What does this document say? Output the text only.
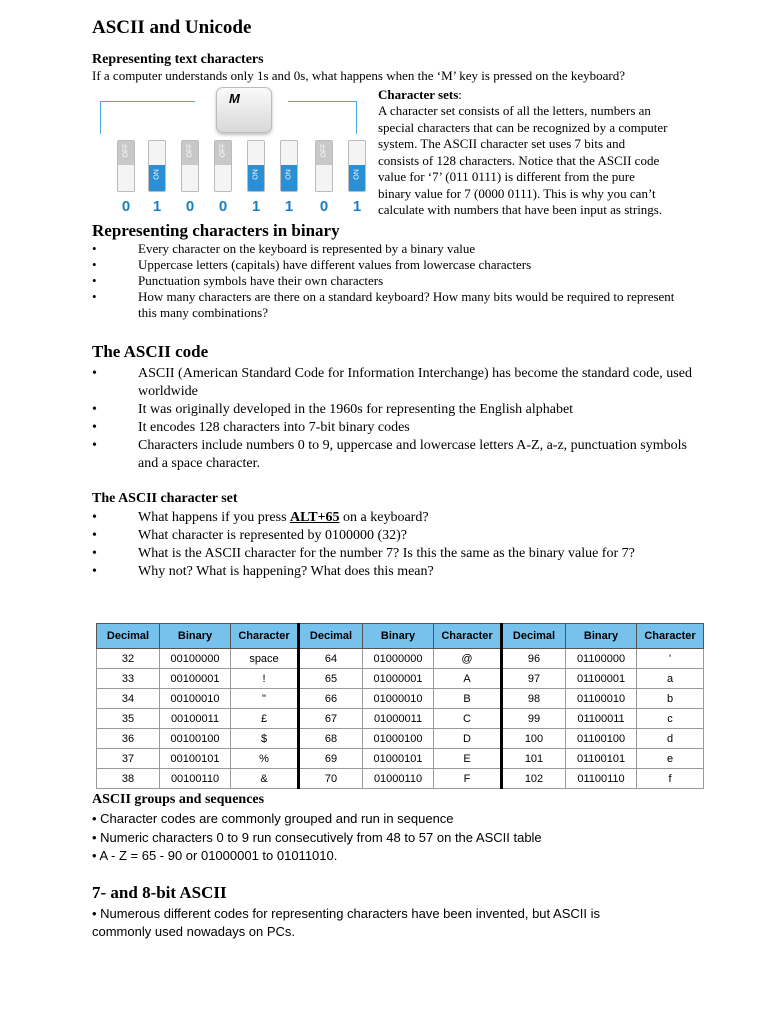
ASCII and Unicode
Representing text characters
If a computer understands only 1s and 0s, what happens when the ‘M’ key is pressed on the keyboard?
M
OFF
0
ON
1
OFF
0
OFF
0
ON
1
ON
1
OFF
0
ON
1
Character sets:
A character set consists of all the letters, numbers an
special characters that can be recognized by a computer
system. The ASCII character set uses 7 bits and
consists of 128 characters. Notice that the ASCII code
value for ‘7’ (011 0111) is different from the pure
binary value for 7 (0000 0111). This is why you can’t
calculate with numbers that have been input as strings.
Representing characters in binary
• Every character on the keyboard is represented by a binary value
• Uppercase letters (capitals) have different values from lowercase characters
• Punctuation symbols have their own characters
• How many characters are there on a standard keyboard? How many bits would be required to represent this many combinations?
The ASCII code
• ASCII (American Standard Code for Information Interchange) has become the standard code, used worldwide
• It was originally developed in the 1960s for representing the English alphabet
• It encodes 128 characters into 7-bit binary codes
• Characters include numbers 0 to 9, uppercase and lowercase letters A-Z, a-z, punctuation symbols and a space character.
The ASCII character set
• What happens if you press ALT+65 on a keyboard?
• What character is represented by 0100000 (32)?
• What is the ASCII character for the number 7? Is this the same as the binary value for 7?
• Why not? What is happening? What does this mean?
Decimal	Binary	Character	Decimal	Binary	Character	Decimal	Binary	Character
32	00100000	space	64	01000000	@	96	01100000	'
33	00100001	!	65	01000001	A	97	01100001	a
34	00100010	"	66	01000010	B	98	01100010	b
35	00100011	£	67	01000011	C	99	01100011	c
36	00100100	$	68	01000100	D	100	01100100	d
37	00100101	%	69	01000101	E	101	01100101	e
38	00100110	&	70	01000110	F	102	01100110	f
ASCII groups and sequences
• Character codes are commonly grouped and run in sequence
• Numeric characters 0 to 9 run consecutively from 48 to 57 on the ASCII table
• A - Z = 65 - 90 or 01000001 to 01011010.
7- and 8-bit ASCII
• Numerous different codes for representing characters have been invented, but ASCII is
commonly used nowadays on PCs.
